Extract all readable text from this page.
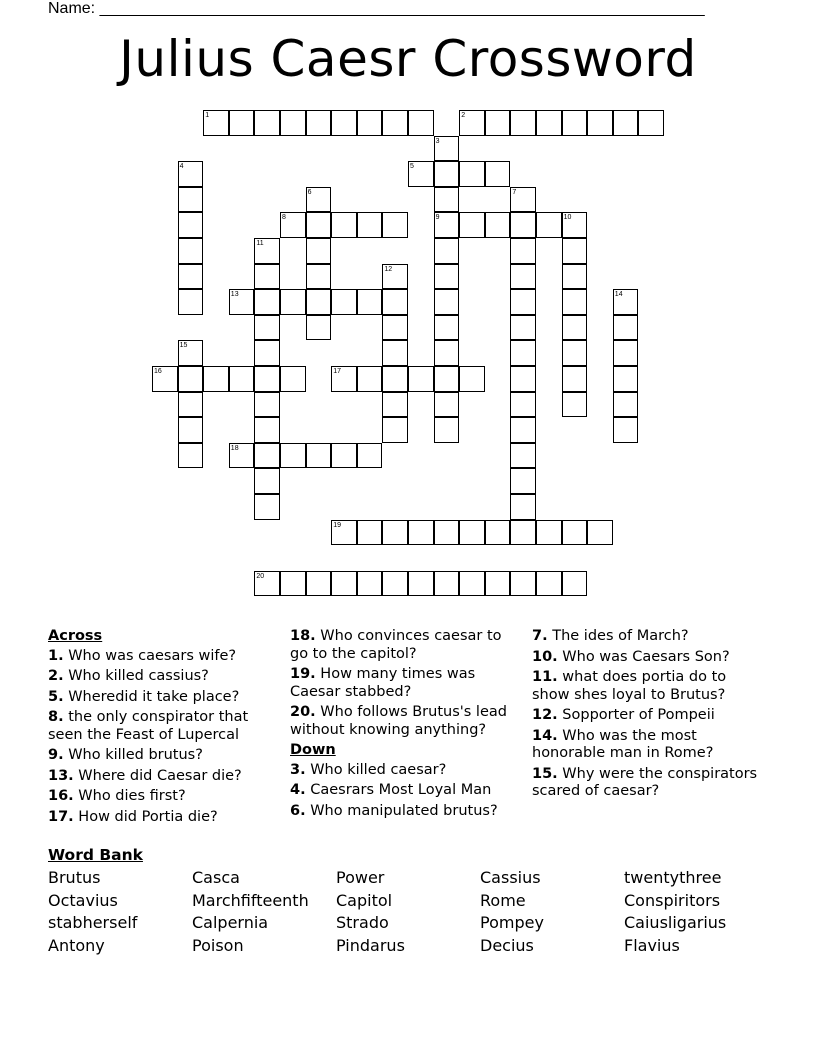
Name: ____________________________________________________________________
Julius Caesr Crossword
1	2
3
4	5
6	7
8	9	10
11
12
13	14
15
16	17
18
19
20
Across
1. Who was caesars wife?
2. Who killed cassius?
5. Wheredid it take place?
8. the only conspirator that seen the Feast of Lupercal
9. Who killed brutus?
13. Where did Caesar die?
16. Who dies first?
17. How did Portia die?
18. Who convinces caesar to go to the capitol?
19. How many times was Caesar stabbed?
20. Who follows Brutus's lead without knowing anything?
Down
3. Who killed caesar?
4. Caesrars Most Loyal Man
6. Who manipulated brutus?
7. The ides of March?
10. Who was Caesars Son?
11. what does portia do to show shes loyal to Brutus?
12. Sopporter of Pompeii
14. Who was the most honorable man in Rome?
15. Why were the conspirators scared of caesar?
Word Bank
Brutus	Casca	Power	Cassius	twentythree
Octavius	Marchfifteenth	Capitol	Rome	Conspiritors
stabherself	Calpernia	Strado	Pompey	Caiusligarius
Antony	Poison	Pindarus	Decius	Flavius
